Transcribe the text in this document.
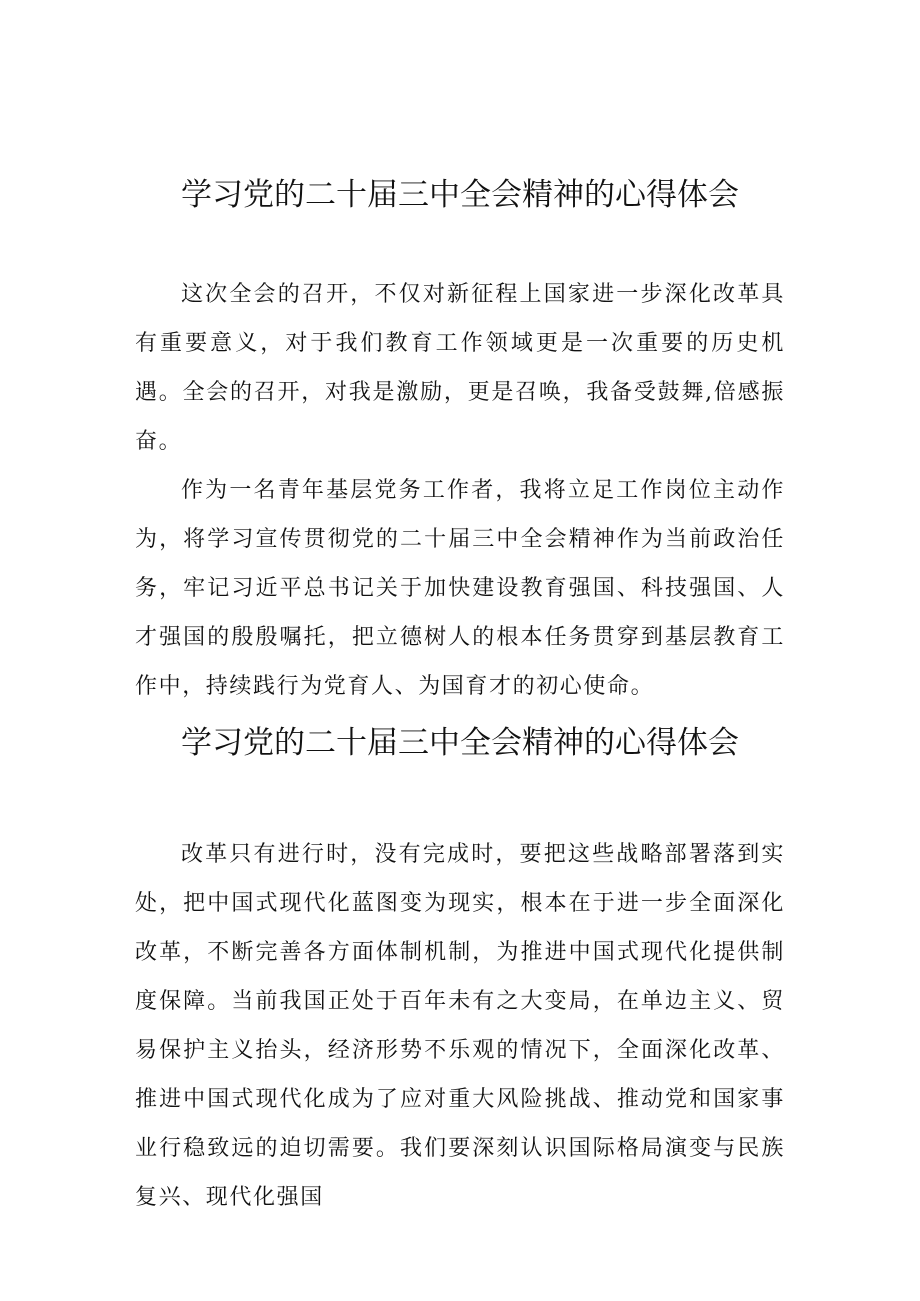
学习党的二十届三中全会精神的心得体会

这次全会的召开，不仅对新征程上国家进一步深化改革具有重要意义，对于我们教育工作领域更是一次重要的历史机遇。全会的召开，对我是激励，更是召唤，我备受鼓舞,倍感振奋。

作为一名青年基层党务工作者，我将立足工作岗位主动作为，将学习宣传贯彻党的二十届三中全会精神作为当前政治任务，牢记习近平总书记关于加快建设教育强国、科技强国、人才强国的殷殷嘱托，把立德树人的根本任务贯穿到基层教育工作中，持续践行为党育人、为国育才的初心使命。

学习党的二十届三中全会精神的心得体会

改革只有进行时，没有完成时，要把这些战略部署落到实处，把中国式现代化蓝图变为现实，根本在于进一步全面深化改革，不断完善各方面体制机制，为推进中国式现代化提供制度保障。当前我国正处于百年未有之大变局，在单边主义、贸易保护主义抬头，经济形势不乐观的情况下，全面深化改革、推进中国式现代化成为了应对重大风险挑战、推动党和国家事业行稳致远的迫切需要。我们要深刻认识国际格局演变与民族复兴、现代化强国
